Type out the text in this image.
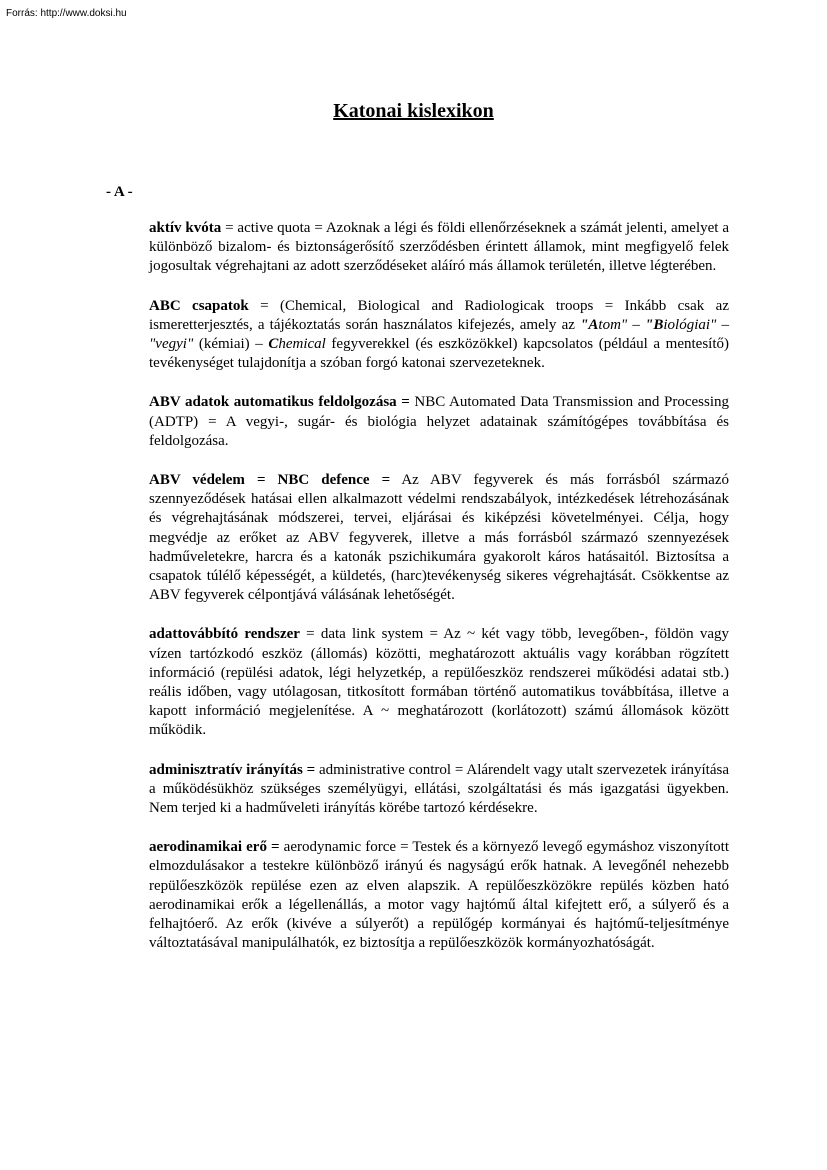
Forrás: http://www.doksi.hu
Katonai kislexikon
- A -

aktív kvóta = active quota = Azoknak a légi és földi ellenőrzéseknek a számát jelenti, amelyet a különböző bizalom- és biztonságerősítő szerződésben érintett államok, mint megfigyelő felek jogosultak végrehajtani az adott szerződéseket aláíró más államok területén, illetve légterében.

ABC csapatok = (Chemical, Biological and Radiologicak troops = Inkább csak az ismeretterjesztés, a tájékoztatás során használatos kifejezés, amely az "Atom" – "Biológiai" – "vegyi" (kémiai) – Chemical fegyverekkel (és eszközökkel) kapcsolatos (például a mentesítő) tevékenységet tulajdonítja a szóban forgó katonai szervezeteknek.

ABV adatok automatikus feldolgozása = NBC Automated Data Transmission and Processing (ADTP) = A vegyi-, sugár- és biológia helyzet adatainak számítógépes továbbítása és feldolgozása.

ABV védelem = NBC defence = Az ABV fegyverek és más forrásból származó szennyeződések hatásai ellen alkalmazott védelmi rendszabályok, intézkedések létrehozásának és végrehajtásának módszerei, tervei, eljárásai és kiképzési követelményei. Célja, hogy megvédje az erőket az ABV fegyverek, illetve a más forrásból származó szennyezések hadműveletekre, harcra és a katonák pszichikumára gyakorolt káros hatásaitól. Biztosítsa a csapatok túlélő képességét, a küldetés, (harc)tevékenység sikeres végrehajtását. Csökkentse az ABV fegyverek célpontjává válásának lehetőségét.

adattovábbító rendszer = data link system = Az ~ két vagy több, levegőben-, földön vagy vízen tartózkodó eszköz (állomás) közötti, meghatározott aktuális vagy korábban rögzített információ (repülési adatok, légi helyzetkép, a repülőeszköz rendszerei működési adatai stb.) reális időben, vagy utólagosan, titkosított formában történő automatikus továbbítása, illetve a kapott információ megjelenítése. A ~ meghatározott (korlátozott) számú állomások között működik.

adminisztratív irányítás = administrative control = Alárendelt vagy utalt szervezetek irányítása a működésükhöz szükséges személyügyi, ellátási, szolgáltatási és más igazgatási ügyekben. Nem terjed ki a hadműveleti irányítás körébe tartozó kérdésekre.

aerodinamikai erő = aerodynamic force = Testek és a környező levegő egymáshoz viszonyított elmozdulásakor a testekre különböző irányú és nagyságú erők hatnak. A levegőnél nehezebb repülőeszközök repülése ezen az elven alapszik. A repülőeszközökre repülés közben ható aerodinamikai erők a légellenállás, a motor vagy hajtómű által kifejtett erő, a súlyerő és a felhajtóerő. Az erők (kivéve a súlyerőt) a repülőgép kormányai és hajtómű-teljesítménye változtatásával manipulálhatók, ez biztosítja a repülőeszközök kormányozhatóságát.
